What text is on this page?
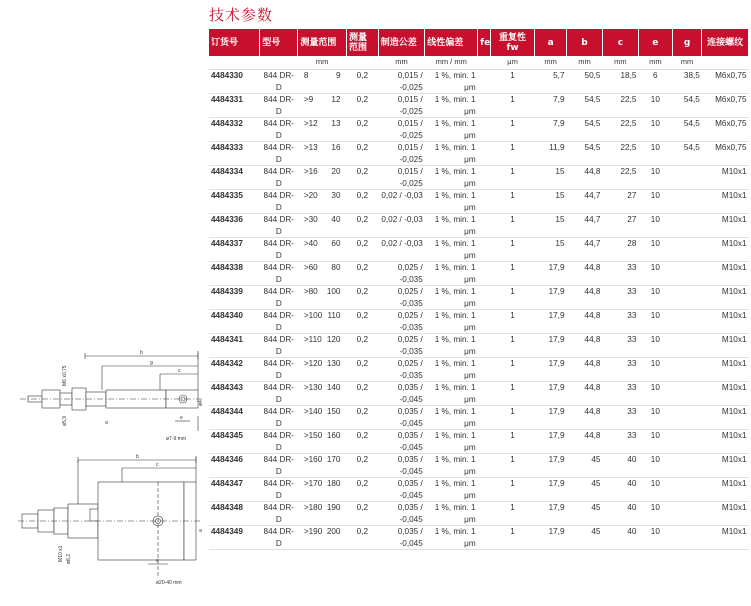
技术参数
订货号	型号	测量范围	测量范围	制造公差	线性偏差	fe	重复性 fw	a	b	c	e	g	连接螺纹
		mm		mm	mm / mm		μm	mm	mm	mm	mm	mm	
4484330	844 DR-D	8 9	0,2	0,015 / -0,025	1 %, min. 1 μm		1	5,7	50,5	18,5	6	38,5	M6x0,75
4484331	844 DR-D	>9 12	0,2	0,015 / -0,025	1 %, min. 1 μm		1	7,9	54,5	22,5	10	54,5	M6x0,75
4484332	844 DR-D	>12 13	0,2	0,015 / -0,025	1 %, min. 1 μm		1	7,9	54,5	22,5	10	54,5	M6x0,75
4484333	844 DR-D	>13 16	0,2	0,015 / -0,025	1 %, min. 1 μm		1	11,9	54,5	22,5	10	54,5	M6x0,75
4484334	844 DR-D	>16 20	0,2	0,015 / -0,025	1 %, min. 1 μm		1	15	44,8	22,5	10		M10x1
4484335	844 DR-D	>20 30	0,2	0,02 / -0,03	1 %, min. 1 μm		1	15	44,7	27	10		M10x1
4484336	844 DR-D	>30 40	0,2	0,02 / -0,03	1 %, min. 1 μm		1	15	44,7	27	10		M10x1
4484337	844 DR-D	>40 60	0,2	0,02 / -0,03	1 %, min. 1 μm		1	15	44,7	28	10		M10x1
4484338	844 DR-D	>60 80	0,2	0,025 / -0,035	1 %, min. 1 μm		1	17,9	44,8	33	10		M10x1
4484339	844 DR-D	>80 100	0,2	0,025 / -0,035	1 %, min. 1 μm		1	17,9	44,8	33	10		M10x1
4484340	844 DR-D	>100 110	0,2	0,025 / -0,035	1 %, min. 1 μm		1	17,9	44,8	33	10		M10x1
4484341	844 DR-D	>110 120	0,2	0,025 / -0,035	1 %, min. 1 μm		1	17,9	44,8	33	10		M10x1
4484342	844 DR-D	>120 130	0,2	0,025 / -0,035	1 %, min. 1 μm		1	17,9	44,8	33	10		M10x1
4484343	844 DR-D	>130 140	0,2	0,035 / -0,045	1 %, min. 1 μm		1	17,9	44,8	33	10		M10x1
4484344	844 DR-D	>140 150	0,2	0,035 / -0,045	1 %, min. 1 μm		1	17,9	44,8	33	10		M10x1
4484345	844 DR-D	>150 160	0,2	0,035 / -0,045	1 %, min. 1 μm		1	17,9	44,8	33	10		M10x1
4484346	844 DR-D	>160 170	0,2	0,035 / -0,045	1 %, min. 1 μm		1	17,9	45	40	10		M10x1
4484347	844 DR-D	>170 180	0,2	0,035 / -0,045	1 %, min. 1 μm		1	17,9	45	40	10		M10x1
4484348	844 DR-D	>180 190	0,2	0,035 / -0,045	1 %, min. 1 μm		1	17,9	45	40	10		M10x1
4484349	844 DR-D	>190 200	0,2	0,035 / -0,045	1 %, min. 1 μm		1	17,9	45	40	10		M10x1
b
g
c
e
M6 x0,75
ø5,9	a
ø4
ø7-9 mm
b
c
e
a
M10 x1 ø8,2
ø20-40 mm
